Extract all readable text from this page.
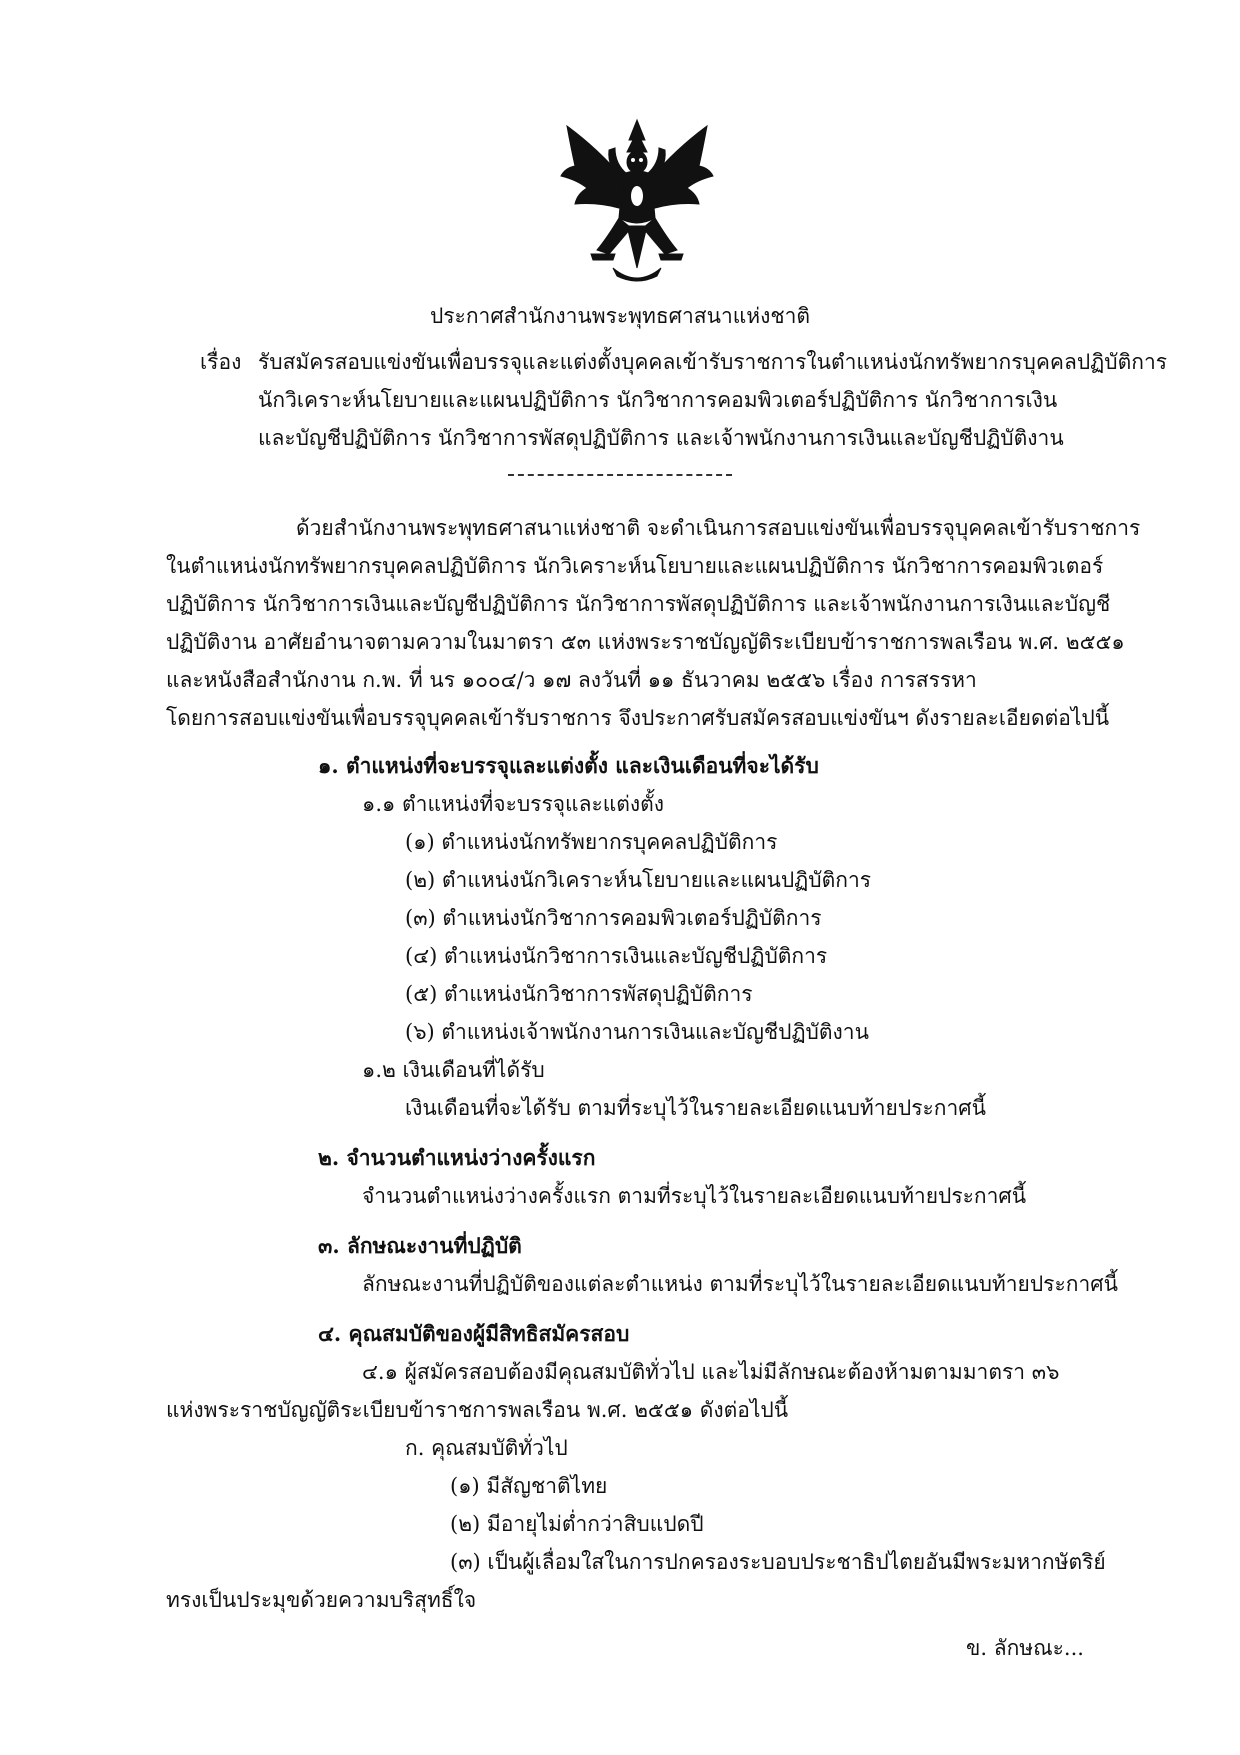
ประกาศสำนักงานพระพุทธศาสนาแห่งชาติ
เรื่อง รับสมัครสอบแข่งขันเพื่อบรรจุและแต่งตั้งบุคคลเข้ารับราชการในตำแหน่งนักทรัพยากรบุคคลปฏิบัติการ
นักวิเคราะห์นโยบายและแผนปฏิบัติการ นักวิชาการคอมพิวเตอร์ปฏิบัติการ นักวิชาการเงิน
และบัญชีปฏิบัติการ นักวิชาการพัสดุปฏิบัติการ และเจ้าพนักงานการเงินและบัญชีปฏิบัติงาน
ด้วยสำนักงานพระพุทธศาสนาแห่งชาติ จะดำเนินการสอบแข่งขันเพื่อบรรจุบุคคลเข้ารับราชการ
ในตำแหน่งนักทรัพยากรบุคคลปฏิบัติการ นักวิเคราะห์นโยบายและแผนปฏิบัติการ นักวิชาการคอมพิวเตอร์
ปฏิบัติการ นักวิชาการเงินและบัญชีปฏิบัติการ นักวิชาการพัสดุปฏิบัติการ และเจ้าพนักงานการเงินและบัญชี
ปฏิบัติงาน อาศัยอำนาจตามความในมาตรา ๕๓ แห่งพระราชบัญญัติระเบียบข้าราชการพลเรือน พ.ศ. ๒๕๕๑
และหนังสือสำนักงาน ก.พ. ที่ นร ๑๐๐๔/ว ๑๗ ลงวันที่ ๑๑ ธันวาคม ๒๕๕๖ เรื่อง การสรรหา
โดยการสอบแข่งขันเพื่อบรรจุบุคคลเข้ารับราชการ จึงประกาศรับสมัครสอบแข่งขันฯ ดังรายละเอียดต่อไปนี้
๑. ตำแหน่งที่จะบรรจุและแต่งตั้ง และเงินเดือนที่จะได้รับ
๑.๑ ตำแหน่งที่จะบรรจุและแต่งตั้ง
(๑) ตำแหน่งนักทรัพยากรบุคคลปฏิบัติการ
(๒) ตำแหน่งนักวิเคราะห์นโยบายและแผนปฏิบัติการ
(๓) ตำแหน่งนักวิชาการคอมพิวเตอร์ปฏิบัติการ
(๔) ตำแหน่งนักวิชาการเงินและบัญชีปฏิบัติการ
(๕) ตำแหน่งนักวิชาการพัสดุปฏิบัติการ
(๖) ตำแหน่งเจ้าพนักงานการเงินและบัญชีปฏิบัติงาน
๑.๒ เงินเดือนที่ได้รับ
เงินเดือนที่จะได้รับ ตามที่ระบุไว้ในรายละเอียดแนบท้ายประกาศนี้
๒. จำนวนตำแหน่งว่างครั้งแรก
จำนวนตำแหน่งว่างครั้งแรก ตามที่ระบุไว้ในรายละเอียดแนบท้ายประกาศนี้
๓. ลักษณะงานที่ปฏิบัติ
ลักษณะงานที่ปฏิบัติของแต่ละตำแหน่ง ตามที่ระบุไว้ในรายละเอียดแนบท้ายประกาศนี้
๔. คุณสมบัติของผู้มีสิทธิสมัครสอบ
๔.๑ ผู้สมัครสอบต้องมีคุณสมบัติทั่วไป และไม่มีลักษณะต้องห้ามตามมาตรา ๓๖
แห่งพระราชบัญญัติระเบียบข้าราชการพลเรือน พ.ศ. ๒๕๕๑ ดังต่อไปนี้
ก. คุณสมบัติทั่วไป
(๑) มีสัญชาติไทย
(๒) มีอายุไม่ต่ำกว่าสิบแปดปี
(๓) เป็นผู้เลื่อมใสในการปกครองระบอบประชาธิปไตยอันมีพระมหากษัตริย์
ทรงเป็นประมุขด้วยความบริสุทธิ์ใจ
ข. ลักษณะ...
